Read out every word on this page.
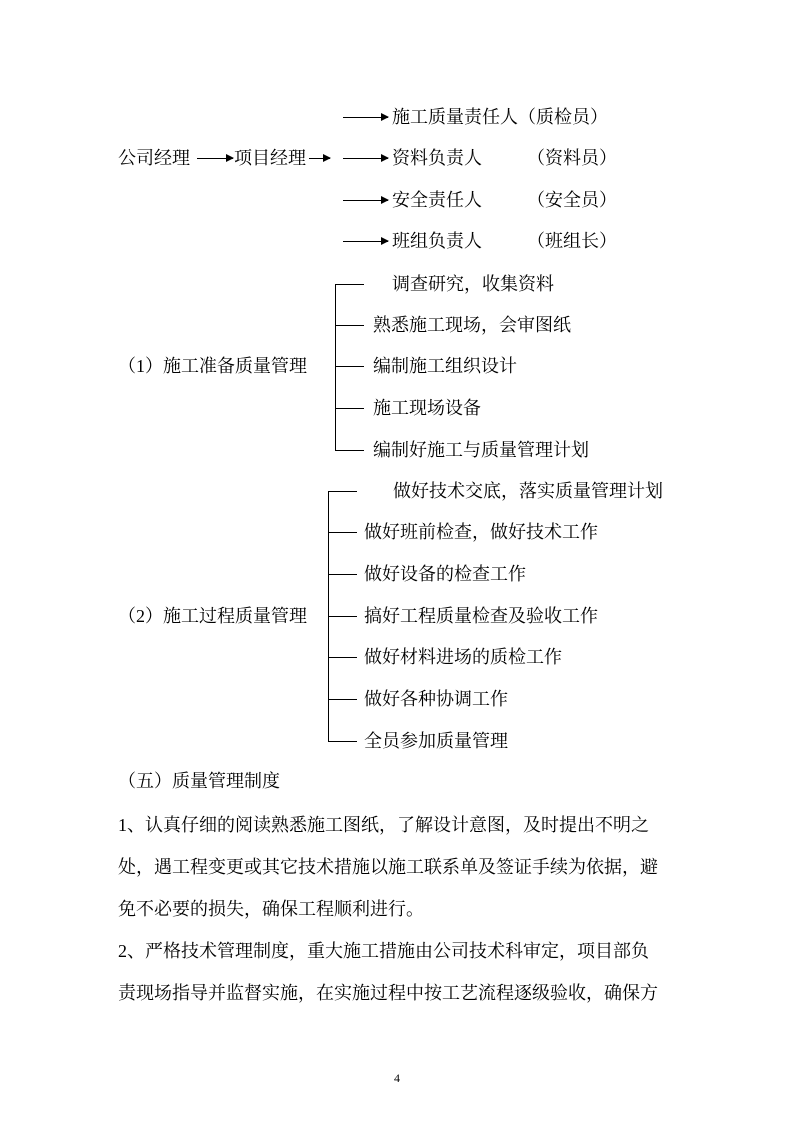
公司经理 项目经理
施工质量责任人 （质检员）
资料负责人	（资料员）
安全责任人	（安全员）
班组负责人	（班组长）
（1）施工准备质量管理
调查研究，收集资料
熟悉施工现场，会审图纸
编制施工组织设计
施工现场设备
编制好施工与质量管理计划
（2）施工过程质量管理
做好技术交底，落实质量管理计划
做好班前检查，做好技术工作
做好设备的检查工作
搞好工程质量检查及验收工作
做好材料进场的质检工作
做好各种协调工作
全员参加质量管理
（五）质量管理制度
1、认真仔细的阅读熟悉施工图纸，了解设计意图，及时提出不明之
处，遇工程变更或其它技术措施以施工联系单及签证手续为依据，避
免不必要的损失，确保工程顺利进行。
2、严格技术管理制度，重大施工措施由公司技术科审定，项目部负
责现场指导并监督实施，在实施过程中按工艺流程逐级验收，确保方
4
